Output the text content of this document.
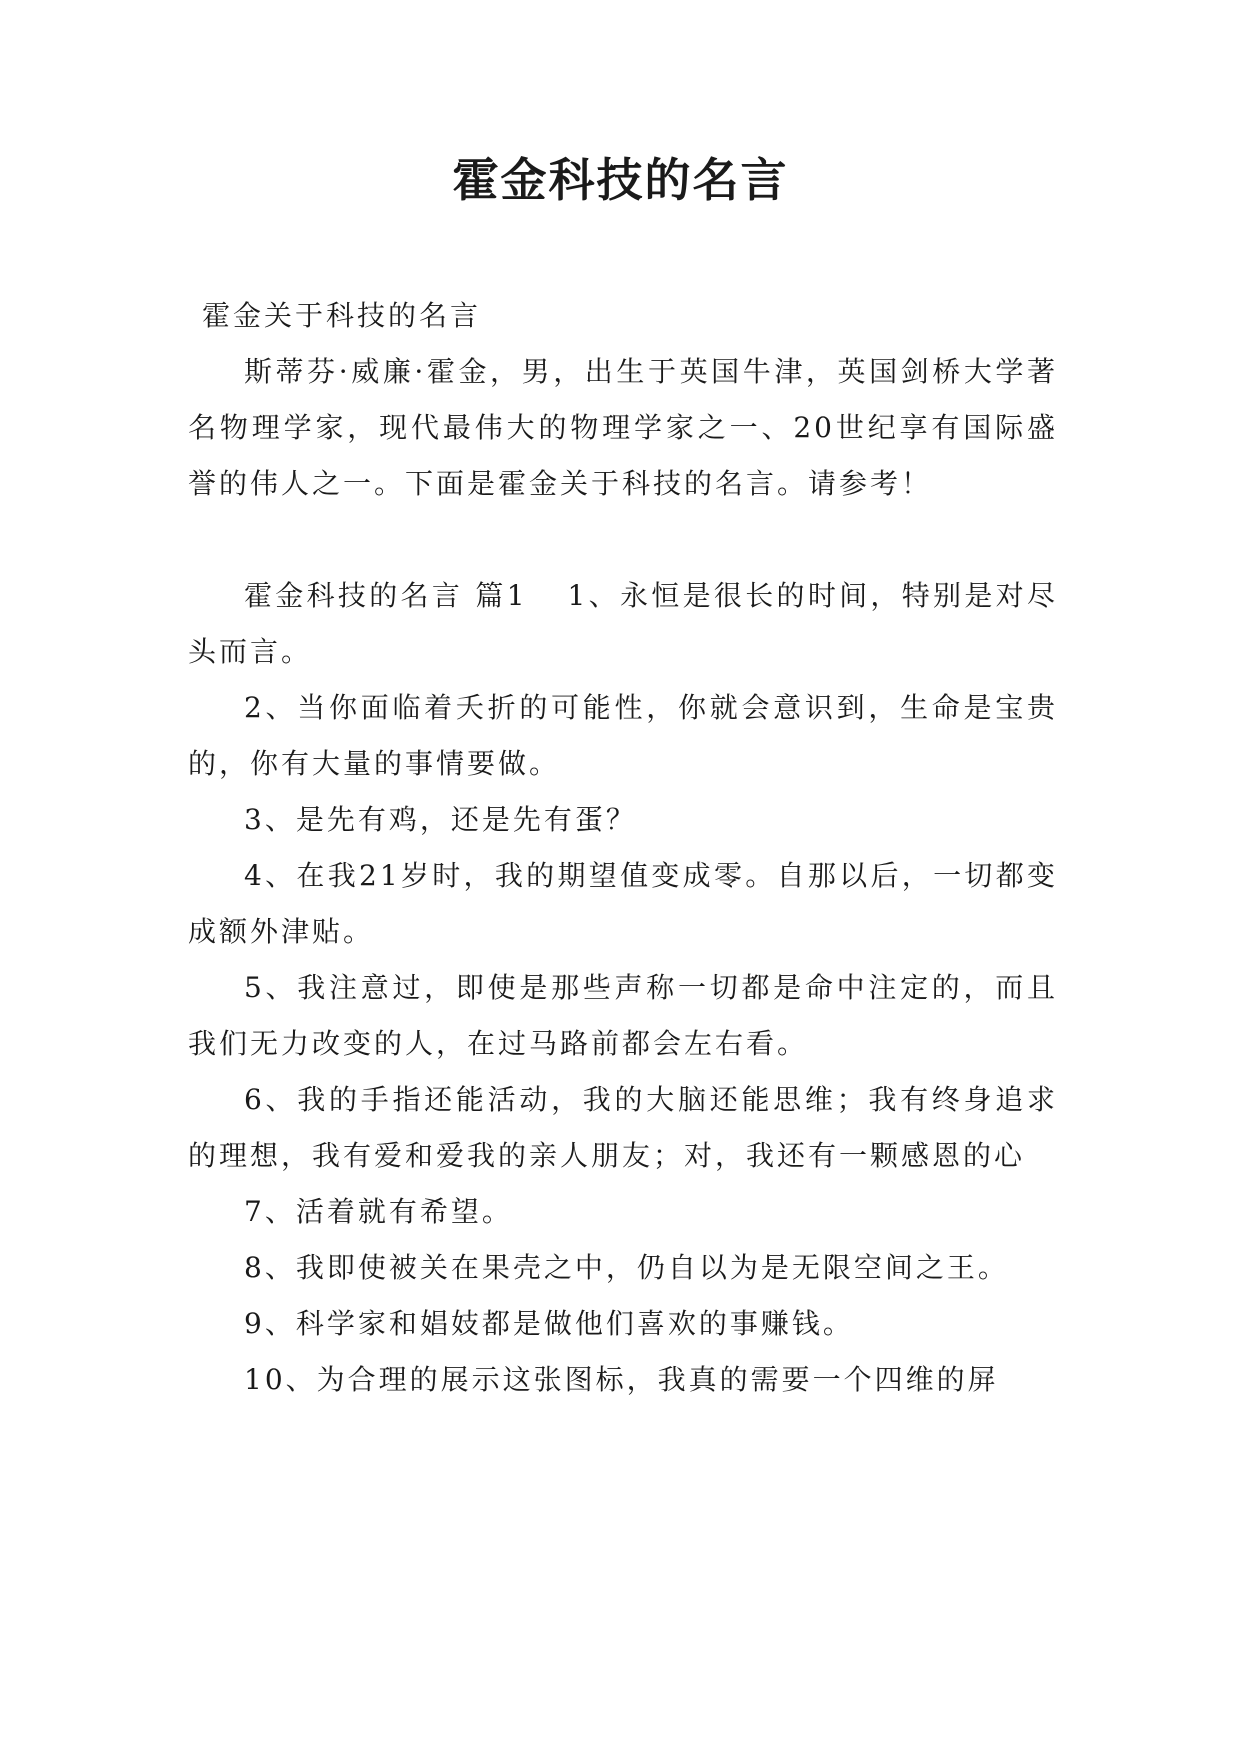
霍金科技的名言

霍金关于科技的名言

斯蒂芬·威廉·霍金，男，出生于英国牛津，英国剑桥大学著名物理学家，现代最伟大的物理学家之一、20世纪享有国际盛誉的伟人之一。下面是霍金关于科技的名言。请参考！

霍金科技的名言 篇1 1、永恒是很长的时间，特别是对尽头而言。

2、当你面临着夭折的可能性，你就会意识到，生命是宝贵的，你有大量的事情要做。

3、是先有鸡，还是先有蛋？

4、在我21岁时，我的期望值变成零。自那以后，一切都变成额外津贴。

5、我注意过，即使是那些声称一切都是命中注定的，而且我们无力改变的人，在过马路前都会左右看。

6、我的手指还能活动，我的大脑还能思维；我有终身追求的理想，我有爱和爱我的亲人朋友；对，我还有一颗感恩的心

7、活着就有希望。

8、我即使被关在果壳之中，仍自以为是无限空间之王。

9、科学家和娼妓都是做他们喜欢的事赚钱。

10、为合理的展示这张图标，我真的需要一个四维的屏
